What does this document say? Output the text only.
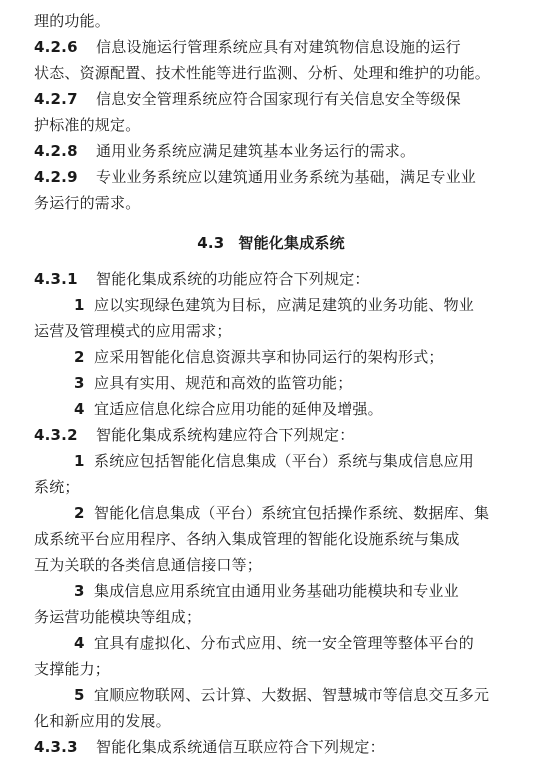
理的功能。
4.2.6 信息设施运行管理系统应具有对建筑物信息设施的运行
状态、资源配置、技术性能等进行监测、分析、处理和维护的功能。
4.2.7 信息安全管理系统应符合国家现行有关信息安全等级保
护标准的规定。
4.2.8 通用业务系统应满足建筑基本业务运行的需求。
4.2.9 专业业务系统应以建筑通用业务系统为基础，满足专业业
务运行的需求。
4.3 智能化集成系统
4.3.1 智能化集成系统的功能应符合下列规定：
1 应以实现绿色建筑为目标，应满足建筑的业务功能、物业
运营及管理模式的应用需求；
2 应采用智能化信息资源共享和协同运行的架构形式；
3 应具有实用、规范和高效的监管功能；
4 宜适应信息化综合应用功能的延伸及增强。
4.3.2 智能化集成系统构建应符合下列规定：
1 系统应包括智能化信息集成（平台）系统与集成信息应用
系统；
2 智能化信息集成（平台）系统宜包括操作系统、数据库、集
成系统平台应用程序、各纳入集成管理的智能化设施系统与集成
互为关联的各类信息通信接口等；
3 集成信息应用系统宜由通用业务基础功能模块和专业业
务运营功能模块等组成；
4 宜具有虚拟化、分布式应用、统一安全管理等整体平台的
支撑能力；
5 宜顺应物联网、云计算、大数据、智慧城市等信息交互多元
化和新应用的发展。
4.3.3 智能化集成系统通信互联应符合下列规定：
